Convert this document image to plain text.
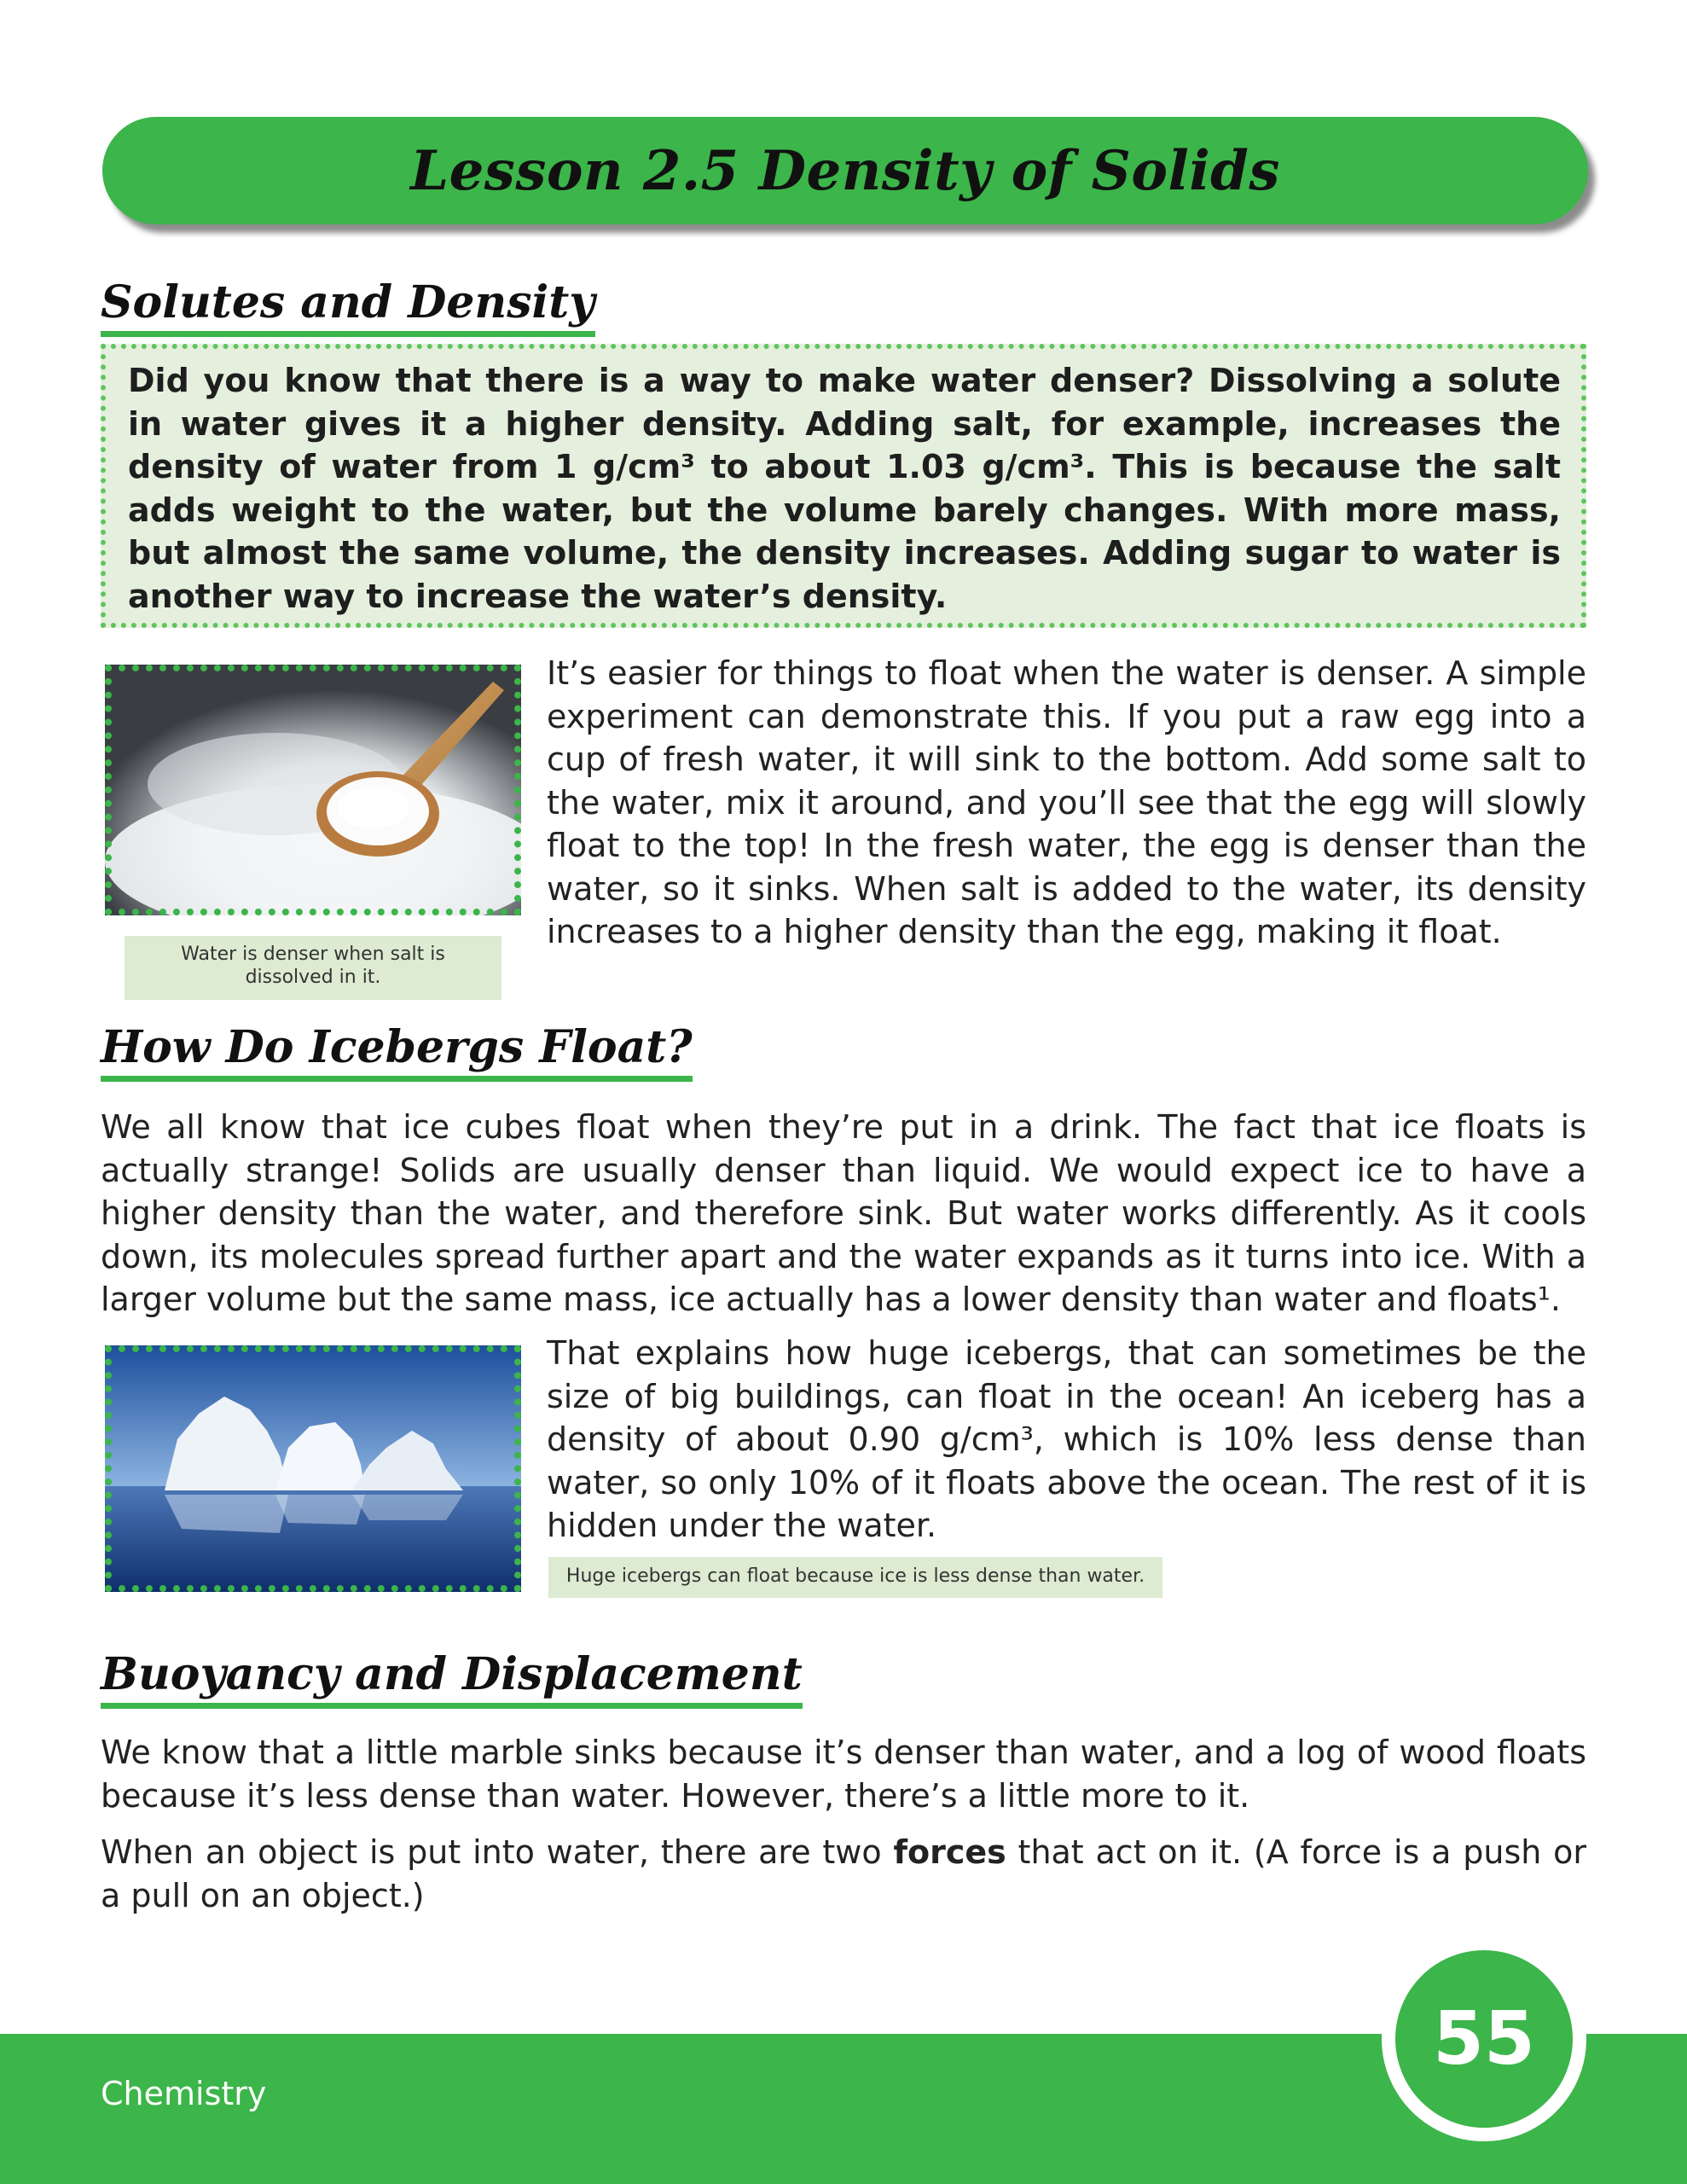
Lesson 2.5 Density of Solids
Solutes and Density

Did you know that there is a way to make water denser? Dissolving a solute in water gives it a higher density. Adding salt, for example, increases the density of water from 1 g/cm³ to about 1.03 g/cm³. This is because the salt adds weight to the water, but the volume barely changes. With more mass, but almost the same volume, the density increases. Adding sugar to water is another way to increase the water’s density.

Water is denser when salt is dissolved in it.

It’s easier for things to float when the water is denser. A simple experiment can demonstrate this. If you put a raw egg into a cup of fresh water, it will sink to the bottom. Add some salt to the water, mix it around, and you’ll see that the egg will slowly float to the top! In the fresh water, the egg is denser than the water, so it sinks. When salt is added to the water, its density increases to a higher density than the egg, making it float.

How Do Icebergs Float?

We all know that ice cubes float when they’re put in a drink. The fact that ice floats is actually strange! Solids are usually denser than liquid. We would expect ice to have a higher density than the water, and therefore sink. But water works differently. As it cools down, its molecules spread further apart and the water expands as it turns into ice. With a larger volume but the same mass, ice actually has a lower density than water and floats¹.

That explains how huge icebergs, that can sometimes be the size of big buildings, can float in the ocean! An iceberg has a density of about 0.90 g/cm³, which is 10% less dense than water, so only 10% of it floats above the ocean. The rest of it is hidden under the water.

Huge icebergs can float because ice is less dense than water.
Buoyancy and Displacement

We know that a little marble sinks because it’s denser than water, and a log of wood floats because it’s less dense than water. However, there’s a little more to it.

When an object is put into water, there are two forces that act on it. (A force is a push or a pull on an object.)

Chemistry
55
